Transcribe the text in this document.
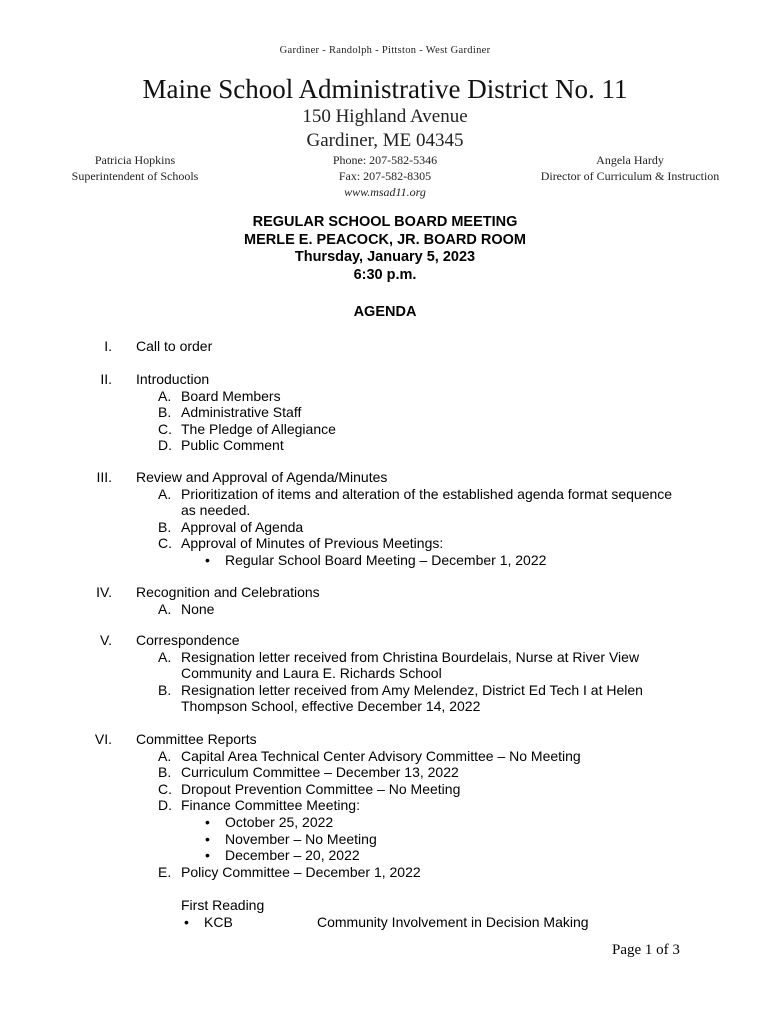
Gardiner - Randolph - Pittston - West Gardiner
Maine School Administrative District No. 11
150 Highland Avenue
Gardiner, ME 04345
Patricia Hopkins
Superintendent of Schools
Phone: 207-582-5346
Fax: 207-582-8305
www.msad11.org
Angela Hardy
Director of Curriculum & Instruction
REGULAR SCHOOL BOARD MEETING
MERLE E. PEACOCK, JR. BOARD ROOM
Thursday, January 5, 2023
6:30 p.m.
AGENDA
I. Call to order
II. Introduction
A. Board Members
B. Administrative Staff
C. The Pledge of Allegiance
D. Public Comment
III. Review and Approval of Agenda/Minutes
A. Prioritization of items and alteration of the established agenda format sequence as needed.
B. Approval of Agenda
C. Approval of Minutes of Previous Meetings:
• Regular School Board Meeting – December 1, 2022
IV. Recognition and Celebrations
A. None
V. Correspondence
A. Resignation letter received from Christina Bourdelais, Nurse at River View Community and Laura E. Richards School
B. Resignation letter received from Amy Melendez, District Ed Tech I at Helen Thompson School, effective December 14, 2022
VI. Committee Reports
A. Capital Area Technical Center Advisory Committee – No Meeting
B. Curriculum Committee – December 13, 2022
C. Dropout Prevention Committee – No Meeting
D. Finance Committee Meeting:
• October 25, 2022
• November – No Meeting
• December – 20, 2022
E. Policy Committee – December 1, 2022
First Reading
• KCB	Community Involvement in Decision Making
Page 1 of 3
